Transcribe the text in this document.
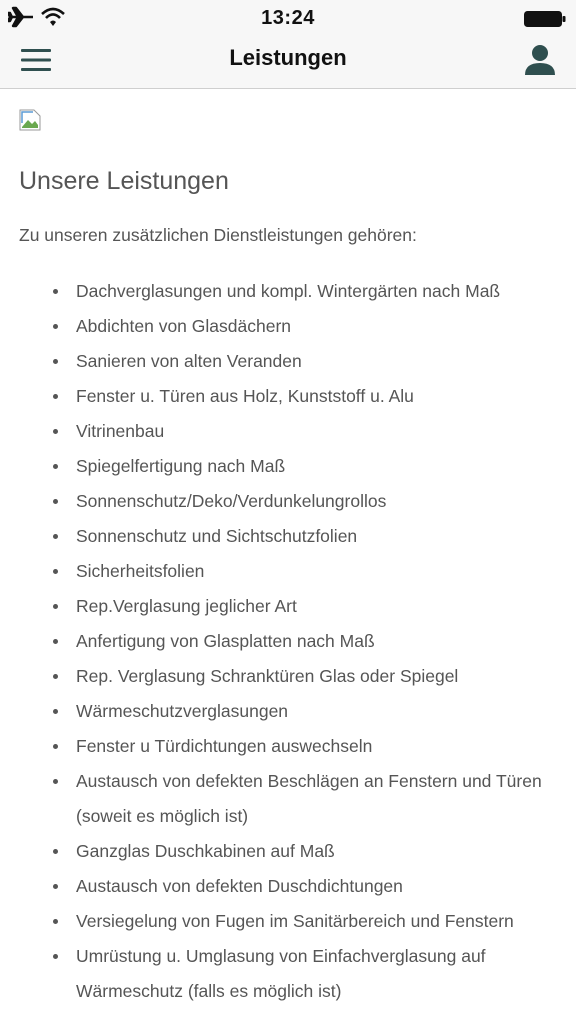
13:24
Leistungen
Unsere Leistungen

Zu unseren zusätzlichen Dienstleistungen gehören:

Dachverglasungen und kompl. Wintergärten nach Maß
Abdichten von Glasdächern
Sanieren von alten Veranden
Fenster u. Türen aus Holz, Kunststoff u. Alu
Vitrinenbau
Spiegelfertigung nach Maß
Sonnenschutz/Deko/Verdunkelungrollos
Sonnenschutz und Sichtschutzfolien
Sicherheitsfolien
Rep.Verglasung jeglicher Art
Anfertigung von Glasplatten nach Maß
Rep. Verglasung Schranktüren Glas oder Spiegel
Wärmeschutzverglasungen
Fenster u Türdichtungen auswechseln
Austausch von defekten Beschlägen an Fenstern und Türen (soweit es möglich ist)
Ganzglas Duschkabinen auf Maß
Austausch von defekten Duschdichtungen
Versiegelung von Fugen im Sanitärbereich und Fenstern
Umrüstung u. Umglasung von Einfachverglasung auf Wärmeschutz (falls es möglich ist)
